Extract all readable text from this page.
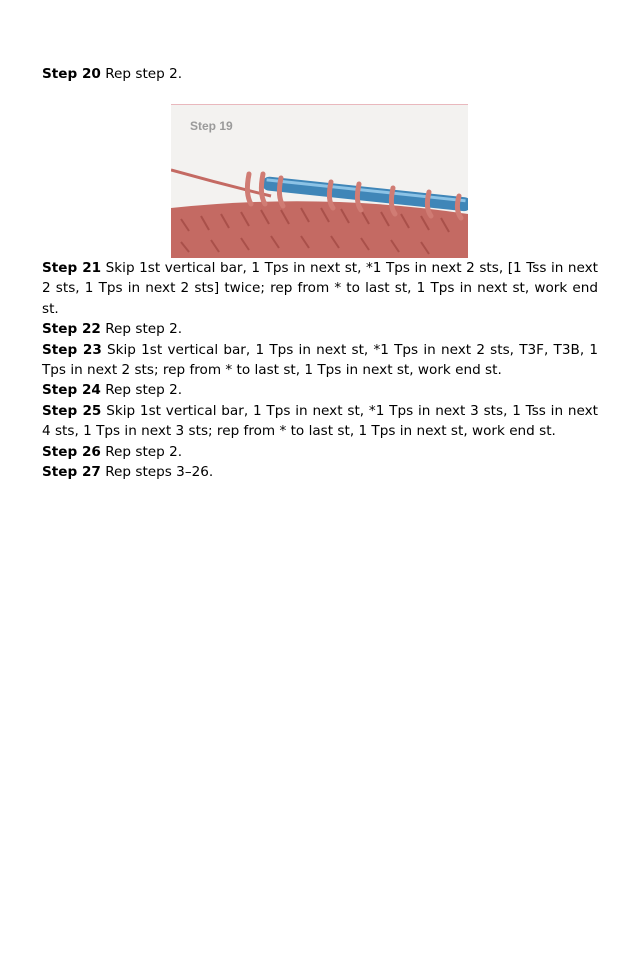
Step 20 Rep step 2.
Step 19
Step 21 Skip 1st vertical bar, 1 Tps in next st, *1 Tps in next 2 sts, [1 Tss in next 2 sts, 1 Tps in next 2 sts] twice; rep from * to last st, 1 Tps in next st, work end st.
Step 22 Rep step 2.
Step 23 Skip 1st vertical bar, 1 Tps in next st, *1 Tps in next 2 sts, T3F, T3B, 1 Tps in next 2 sts; rep from * to last st, 1 Tps in next st, work end st.
Step 24 Rep step 2.
Step 25 Skip 1st vertical bar, 1 Tps in next st, *1 Tps in next 3 sts, 1 Tss in next 4 sts, 1 Tps in next 3 sts; rep from * to last st, 1 Tps in next st, work end st.
Step 26 Rep step 2.
Step 27 Rep steps 3–26.
